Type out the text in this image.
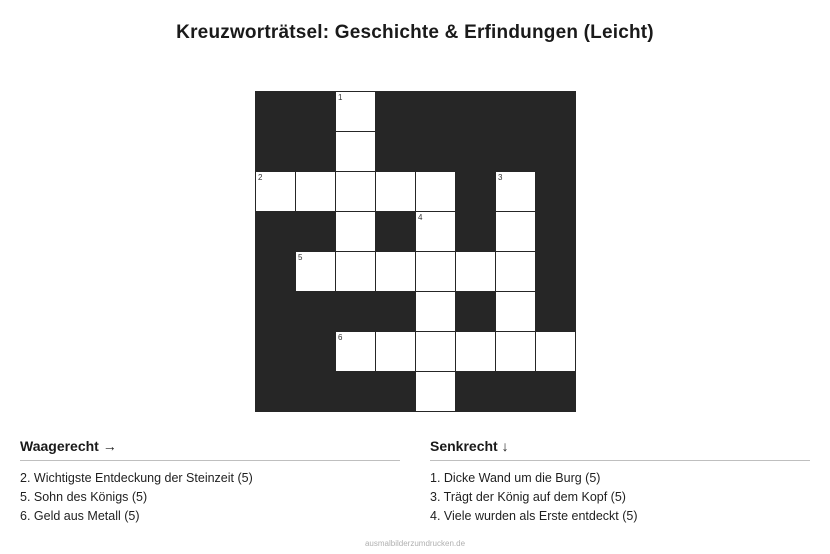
Kreuzworträtsel: Geschichte & Erfindungen (Leicht)

		1					

2						3	

				4			

	5						

		6					

Waagerecht →
2. Wichtigste Entdeckung der Steinzeit (5)
5. Sohn des Königs (5)
6. Geld aus Metall (5)
Senkrecht ↓
1. Dicke Wand um die Burg (5)
3. Trägt der König auf dem Kopf (5)
4. Viele wurden als Erste entdeckt (5)
ausmalbilderzumdrucken.de
